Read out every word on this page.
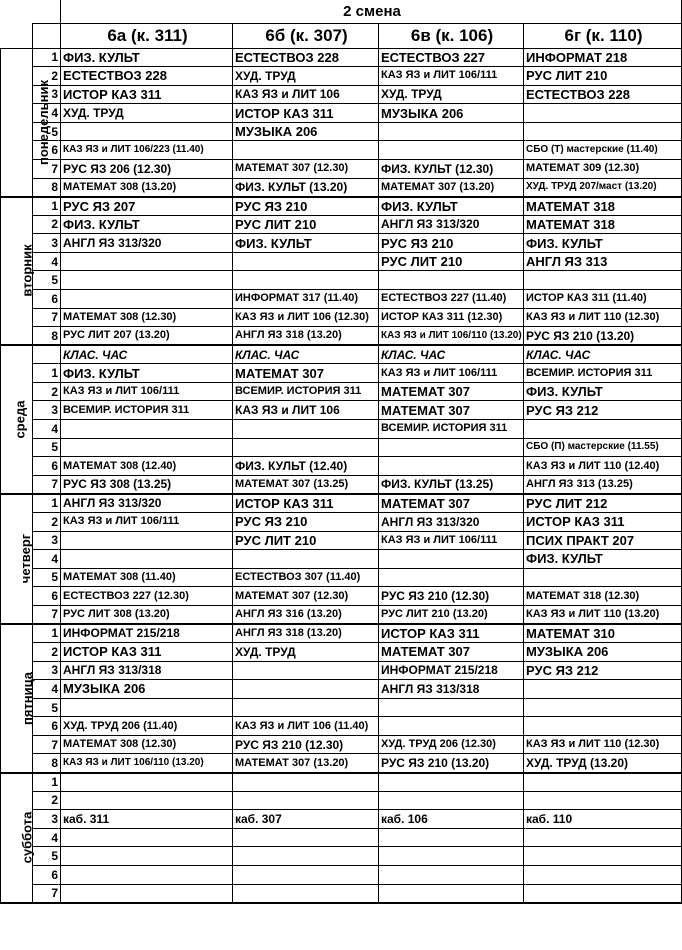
		2 смена			
		6а (к. 311)	6б (к. 307)	6в (к. 106)	6г (к. 110)
понедельник	1	ФИЗ. КУЛЬТ	ЕСТЕСТВОЗ 228	ЕСТЕСТВОЗ 227	ИНФОРМАТ 218
	2	ЕСТЕСТВОЗ 228	ХУД. ТРУД	КАЗ ЯЗ и ЛИТ 106/111	РУС ЛИТ 210
	3	ИСТОР КАЗ 311	КАЗ ЯЗ и ЛИТ 106	ХУД. ТРУД	ЕСТЕСТВОЗ 228
	4	ХУД. ТРУД	ИСТОР КАЗ 311	МУЗЫКА 206	
	5		МУЗЫКА 206		
	6	КАЗ ЯЗ и ЛИТ 106/223 (11.40)			СБО (Т) мастерские (11.40)
	7	РУС ЯЗ 206 (12.30)	МАТЕМАТ 307 (12.30)	ФИЗ. КУЛЬТ (12.30)	МАТЕМАТ 309 (12.30)
	8	МАТЕМАТ 308 (13.20)	ФИЗ. КУЛЬТ (13.20)	МАТЕМАТ 307 (13.20)	ХУД. ТРУД 207/маст (13.20)
вторник	1	РУС ЯЗ 207	РУС ЯЗ 210	ФИЗ. КУЛЬТ	МАТЕМАТ 318
	2	ФИЗ. КУЛЬТ	РУС ЛИТ 210	АНГЛ ЯЗ 313/320	МАТЕМАТ 318
	3	АНГЛ ЯЗ 313/320	ФИЗ. КУЛЬТ	РУС ЯЗ 210	ФИЗ. КУЛЬТ
	4			РУС ЛИТ 210	АНГЛ ЯЗ 313
	5				
	6		ИНФОРМАТ 317 (11.40)	ЕСТЕСТВОЗ 227 (11.40)	ИСТОР КАЗ 311 (11.40)
	7	МАТЕМАТ 308 (12.30)	КАЗ ЯЗ и ЛИТ 106 (12.30)	ИСТОР КАЗ 311 (12.30)	КАЗ ЯЗ и ЛИТ 110 (12.30)
	8	РУС ЛИТ 207 (13.20)	АНГЛ ЯЗ 318 (13.20)	КАЗ ЯЗ и ЛИТ 106/110 (13.20)	РУС ЯЗ 210 (13.20)
среда		КЛАС. ЧАС	КЛАС. ЧАС	КЛАС. ЧАС	КЛАС. ЧАС
	1	ФИЗ. КУЛЬТ	МАТЕМАТ 307	КАЗ ЯЗ и ЛИТ 106/111	ВСЕМИР. ИСТОРИЯ 311
	2	КАЗ ЯЗ и ЛИТ 106/111	ВСЕМИР. ИСТОРИЯ 311	МАТЕМАТ 307	ФИЗ. КУЛЬТ
	3	ВСЕМИР. ИСТОРИЯ 311	КАЗ ЯЗ и ЛИТ 106	МАТЕМАТ 307	РУС ЯЗ 212
	4			ВСЕМИР. ИСТОРИЯ 311	
	5				СБО (П) мастерские (11.55)
	6	МАТЕМАТ 308 (12.40)	ФИЗ. КУЛЬТ (12.40)		КАЗ ЯЗ и ЛИТ 110 (12.40)
	7	РУС ЯЗ 308 (13.25)	МАТЕМАТ 307 (13.25)	ФИЗ. КУЛЬТ (13.25)	АНГЛ ЯЗ 313 (13.25)
четверг	1	АНГЛ ЯЗ 313/320	ИСТОР КАЗ 311	МАТЕМАТ 307	РУС ЛИТ 212
	2	КАЗ ЯЗ и ЛИТ 106/111	РУС ЯЗ 210	АНГЛ ЯЗ 313/320	ИСТОР КАЗ 311
	3		РУС ЛИТ 210	КАЗ ЯЗ и ЛИТ 106/111	ПСИХ ПРАКТ 207
	4				ФИЗ. КУЛЬТ
	5	МАТЕМАТ 308 (11.40)	ЕСТЕСТВОЗ 307 (11.40)		
	6	ЕСТЕСТВОЗ 227 (12.30)	МАТЕМАТ 307 (12.30)	РУС ЯЗ 210 (12.30)	МАТЕМАТ 318 (12.30)
	7	РУС ЛИТ 308 (13.20)	АНГЛ ЯЗ 316 (13.20)	РУС ЛИТ 210 (13.20)	КАЗ ЯЗ и ЛИТ 110 (13.20)
пятница	1	ИНФОРМАТ 215/218	АНГЛ ЯЗ 318 (13.20)	ИСТОР КАЗ 311	МАТЕМАТ 310
	2	ИСТОР КАЗ 311	ХУД. ТРУД	МАТЕМАТ 307	МУЗЫКА 206
	3	АНГЛ ЯЗ 313/318		ИНФОРМАТ 215/218	РУС ЯЗ 212
	4	МУЗЫКА 206		АНГЛ ЯЗ 313/318	
	5				
	6	ХУД. ТРУД 206 (11.40)	КАЗ ЯЗ и ЛИТ 106 (11.40)		
	7	МАТЕМАТ 308 (12.30)	РУС ЯЗ 210 (12.30)	ХУД. ТРУД 206 (12.30)	КАЗ ЯЗ и ЛИТ 110 (12.30)
	8	КАЗ ЯЗ и ЛИТ 106/110 (13.20)	МАТЕМАТ 307 (13.20)	РУС ЯЗ 210 (13.20)	ХУД. ТРУД (13.20)
суббота	1				
	2				
	3	каб. 311	каб. 307	каб. 106	каб. 110
	4				
	5				
	6				
	7				
